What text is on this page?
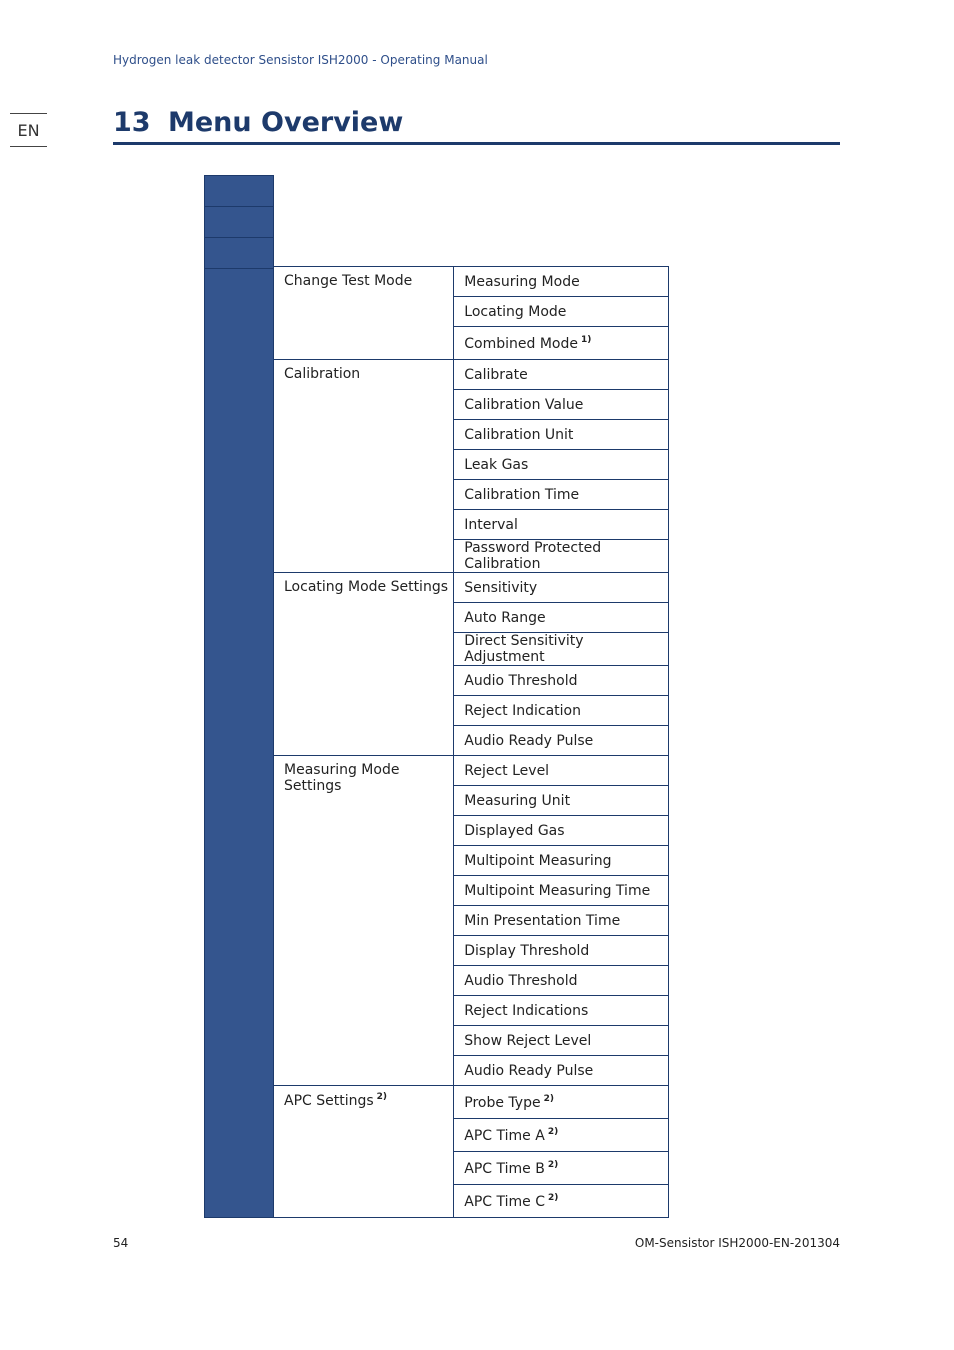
Hydrogen leak detector Sensistor ISH2000 - Operating Manual
EN	13 Menu Overview
Change Test Mode	Measuring Mode
	Locating Mode
	Combined Mode $^{1)}$
Calibration	Calibrate
	Calibration Value
	Calibration Unit
	Leak Gas
	Calibration Time
	Interval
	Password Protected Calibration
Locating Mode Settings	Sensitivity
	Auto Range
	Direct Sensitivity Adjustment
	Audio Threshold
	Reject Indication
	Audio Ready Pulse
Measuring Mode Settings	Reject Level
	Measuring Unit
	Displayed Gas
	Multipoint Measuring
	Multipoint Measuring Time
	Min Presentation Time
	Display Threshold
	Audio Threshold
	Reject Indications
	Show Reject Level
	Audio Ready Pulse
APC Settings $^{2)}$	Probe Type $^{2)}$
	APC Time A $^{2)}$
	APC Time B $^{2)}$
	APC Time C $^{2)}$
54	OM-Sensistor ISH2000-EN-201304
